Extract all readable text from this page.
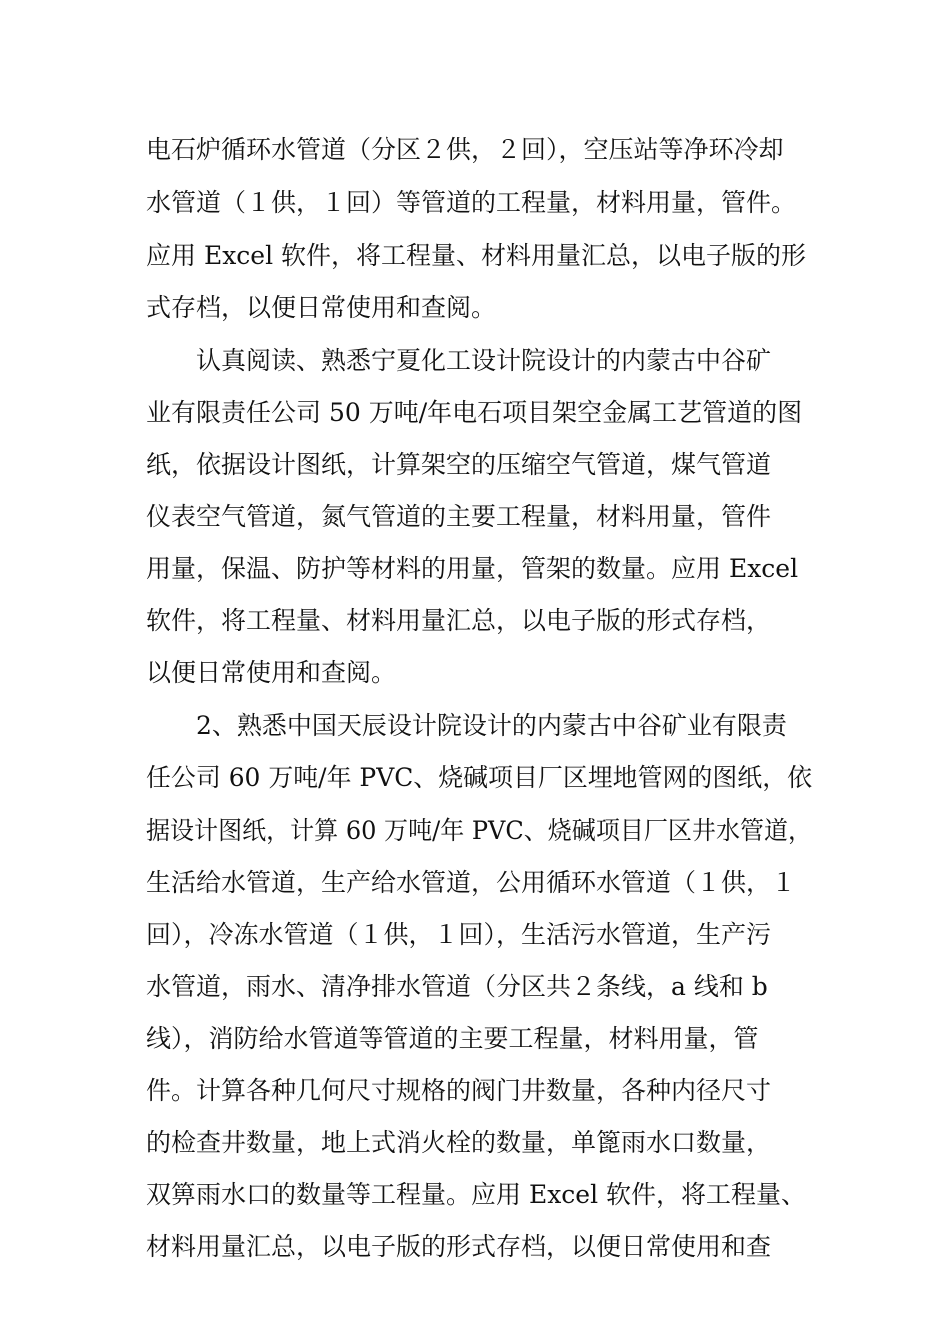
电石炉循环水管道（分区２供，２回），空压站等净环冷却

水管道（１供，１回）等管道的工程量，材料用量，管件。

应用 Excel 软件，将工程量、材料用量汇总，以电子版的形

式存档，以便日常使用和查阅。

认真阅读、熟悉宁夏化工设计院设计的内蒙古中谷矿

业有限责任公司 50 万吨/年电石项目架空金属工艺管道的图

纸，依据设计图纸，计算架空的压缩空气管道，煤气管道

仪表空气管道，氮气管道的主要工程量，材料用量，管件

用量，保温、防护等材料的用量，管架的数量。应用 Excel

软件，将工程量、材料用量汇总，以电子版的形式存档，

以便日常使用和查阅。

2、熟悉中国天辰设计院设计的内蒙古中谷矿业有限责

任公司 60 万吨/年 PVC、烧碱项目厂区埋地管网的图纸，依

据设计图纸，计算 60 万吨/年 PVC、烧碱项目厂区井水管道，

生活给水管道，生产给水管道，公用循环水管道（１供，１

回），冷冻水管道（１供，１回），生活污水管道，生产污

水管道，雨水、清净排水管道（分区共２条线，a 线和 b

线），消防给水管道等管道的主要工程量，材料用量，管

件。计算各种几何尺寸规格的阀门井数量，各种内径尺寸

的检查井数量，地上式消火栓的数量，单篦雨水口数量，

双箅雨水口的数量等工程量。应用 Excel 软件，将工程量、

材料用量汇总，以电子版的形式存档，以便日常使用和查
